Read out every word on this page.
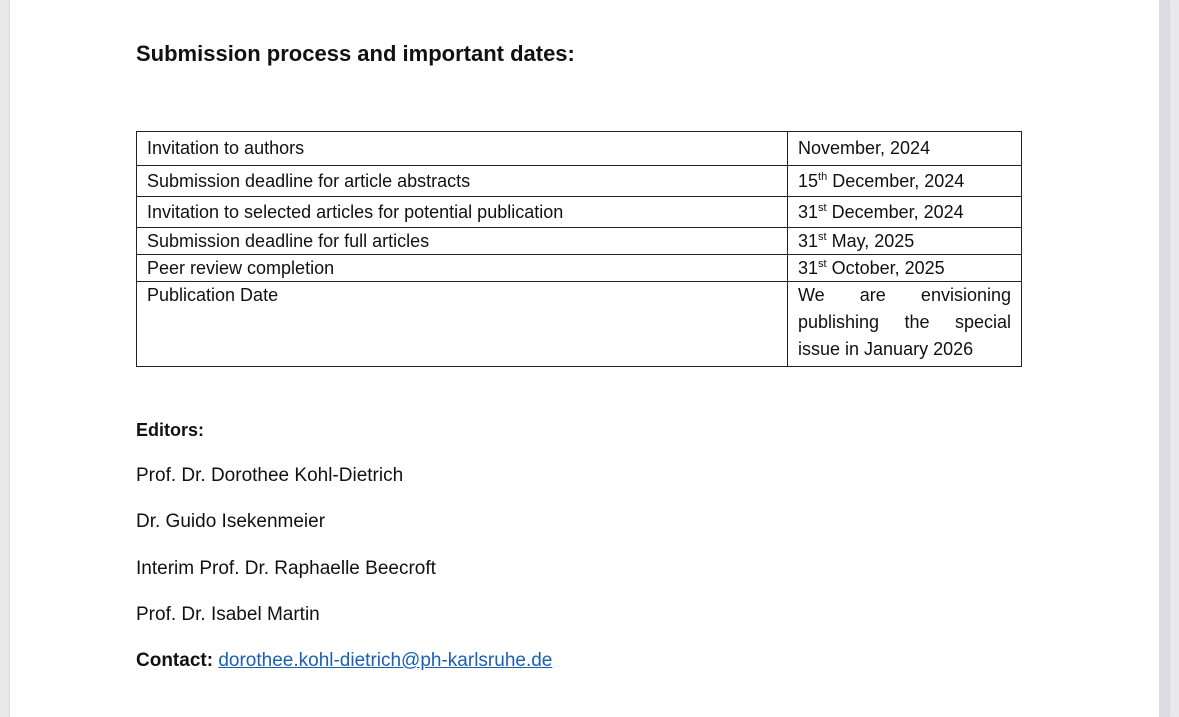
Submission process and important dates:
Invitation to authors	November, 2024
Submission deadline for article abstracts	15th December, 2024
Invitation to selected articles for potential publication	31st December, 2024
Submission deadline for full articles	31st May, 2025
Peer review completion	31st October, 2025
Publication Date	We are envisioning publishing the special issue in January 2026

Editors:

Prof. Dr. Dorothee Kohl-Dietrich

Dr. Guido Isekenmeier

Interim Prof. Dr. Raphaelle Beecroft

Prof. Dr. Isabel Martin

Contact: dorothee.kohl-dietrich@ph-karlsruhe.de
